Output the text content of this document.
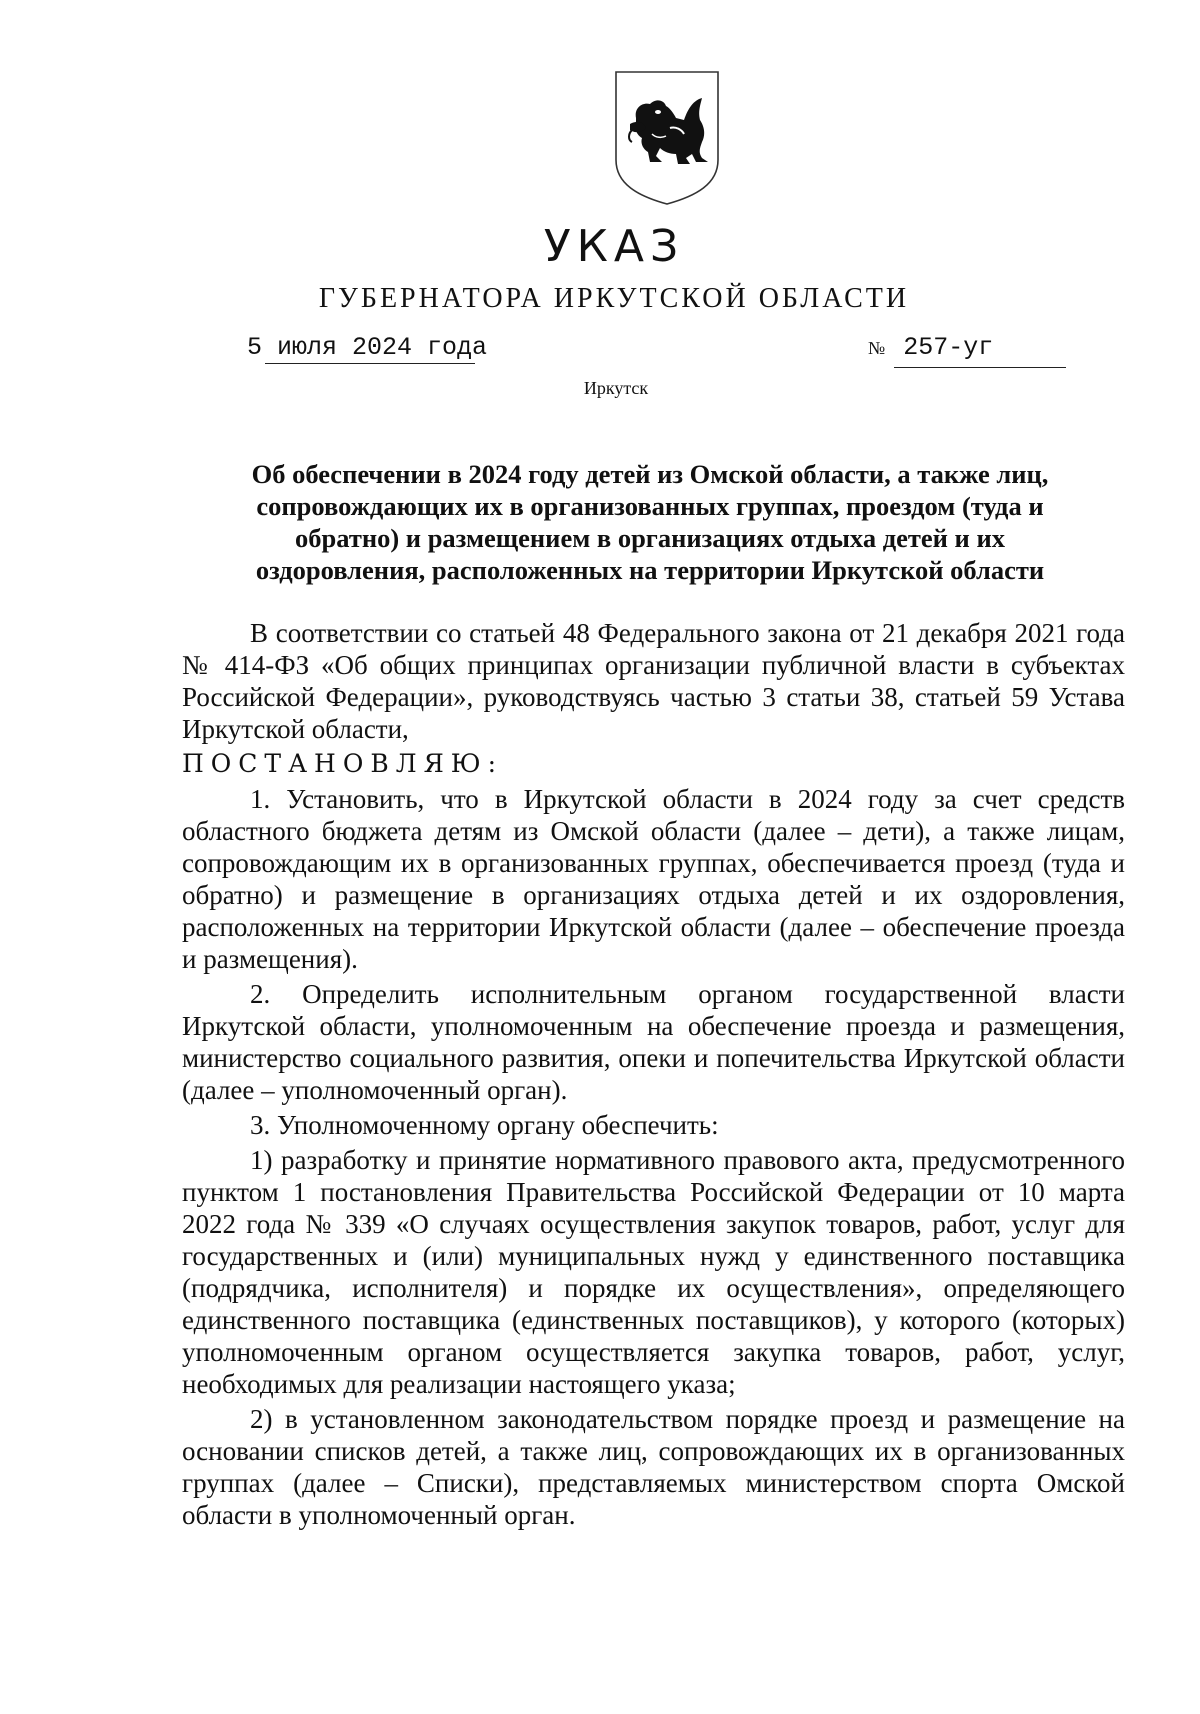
УКАЗ
ГУБЕРНАТОРА ИРКУТСКОЙ ОБЛАСТИ
5 июля 2024 года	№ 257-уг
Иркутск
Об обеспечении в 2024 году детей из Омской области, а также лиц, сопровождающих их в организованных группах, проездом (туда и обратно) и размещением в организациях отдыха детей и их оздоровления, расположенных на территории Иркутской области

В соответствии со статьей 48 Федерального закона от 21 декабря 2021 года № 414-ФЗ «Об общих принципах организации публичной власти в субъектах Российской Федерации», руководствуясь частью 3 статьи 38, статьей 59 Устава Иркутской области,

ПОСТАНОВЛЯЮ:

1. Установить, что в Иркутской области в 2024 году за счет средств областного бюджета детям из Омской области (далее – дети), а также лицам, сопровождающим их в организованных группах, обеспечивается проезд (туда и обратно) и размещение в организациях отдыха детей и их оздоровления, расположенных на территории Иркутской области (далее – обеспечение проезда и размещения).

2. Определить исполнительным органом государственной власти Иркутской области, уполномоченным на обеспечение проезда и размещения, министерство социального развития, опеки и попечительства Иркутской области (далее – уполномоченный орган).

3. Уполномоченному органу обеспечить:

1) разработку и принятие нормативного правового акта, предусмотренного пунктом 1 постановления Правительства Российской Федерации от 10 марта 2022 года № 339 «О случаях осуществления закупок товаров, работ, услуг для государственных и (или) муниципальных нужд у единственного поставщика (подрядчика, исполнителя) и порядке их осуществления», определяющего единственного поставщика (единственных поставщиков), у которого (которых) уполномоченным органом осуществляется закупка товаров, работ, услуг, необходимых для реализации настоящего указа;

2) в установленном законодательством порядке проезд и размещение на основании списков детей, а также лиц, сопровождающих их в организованных группах (далее – Списки), представляемых министерством спорта Омской области в уполномоченный орган.
